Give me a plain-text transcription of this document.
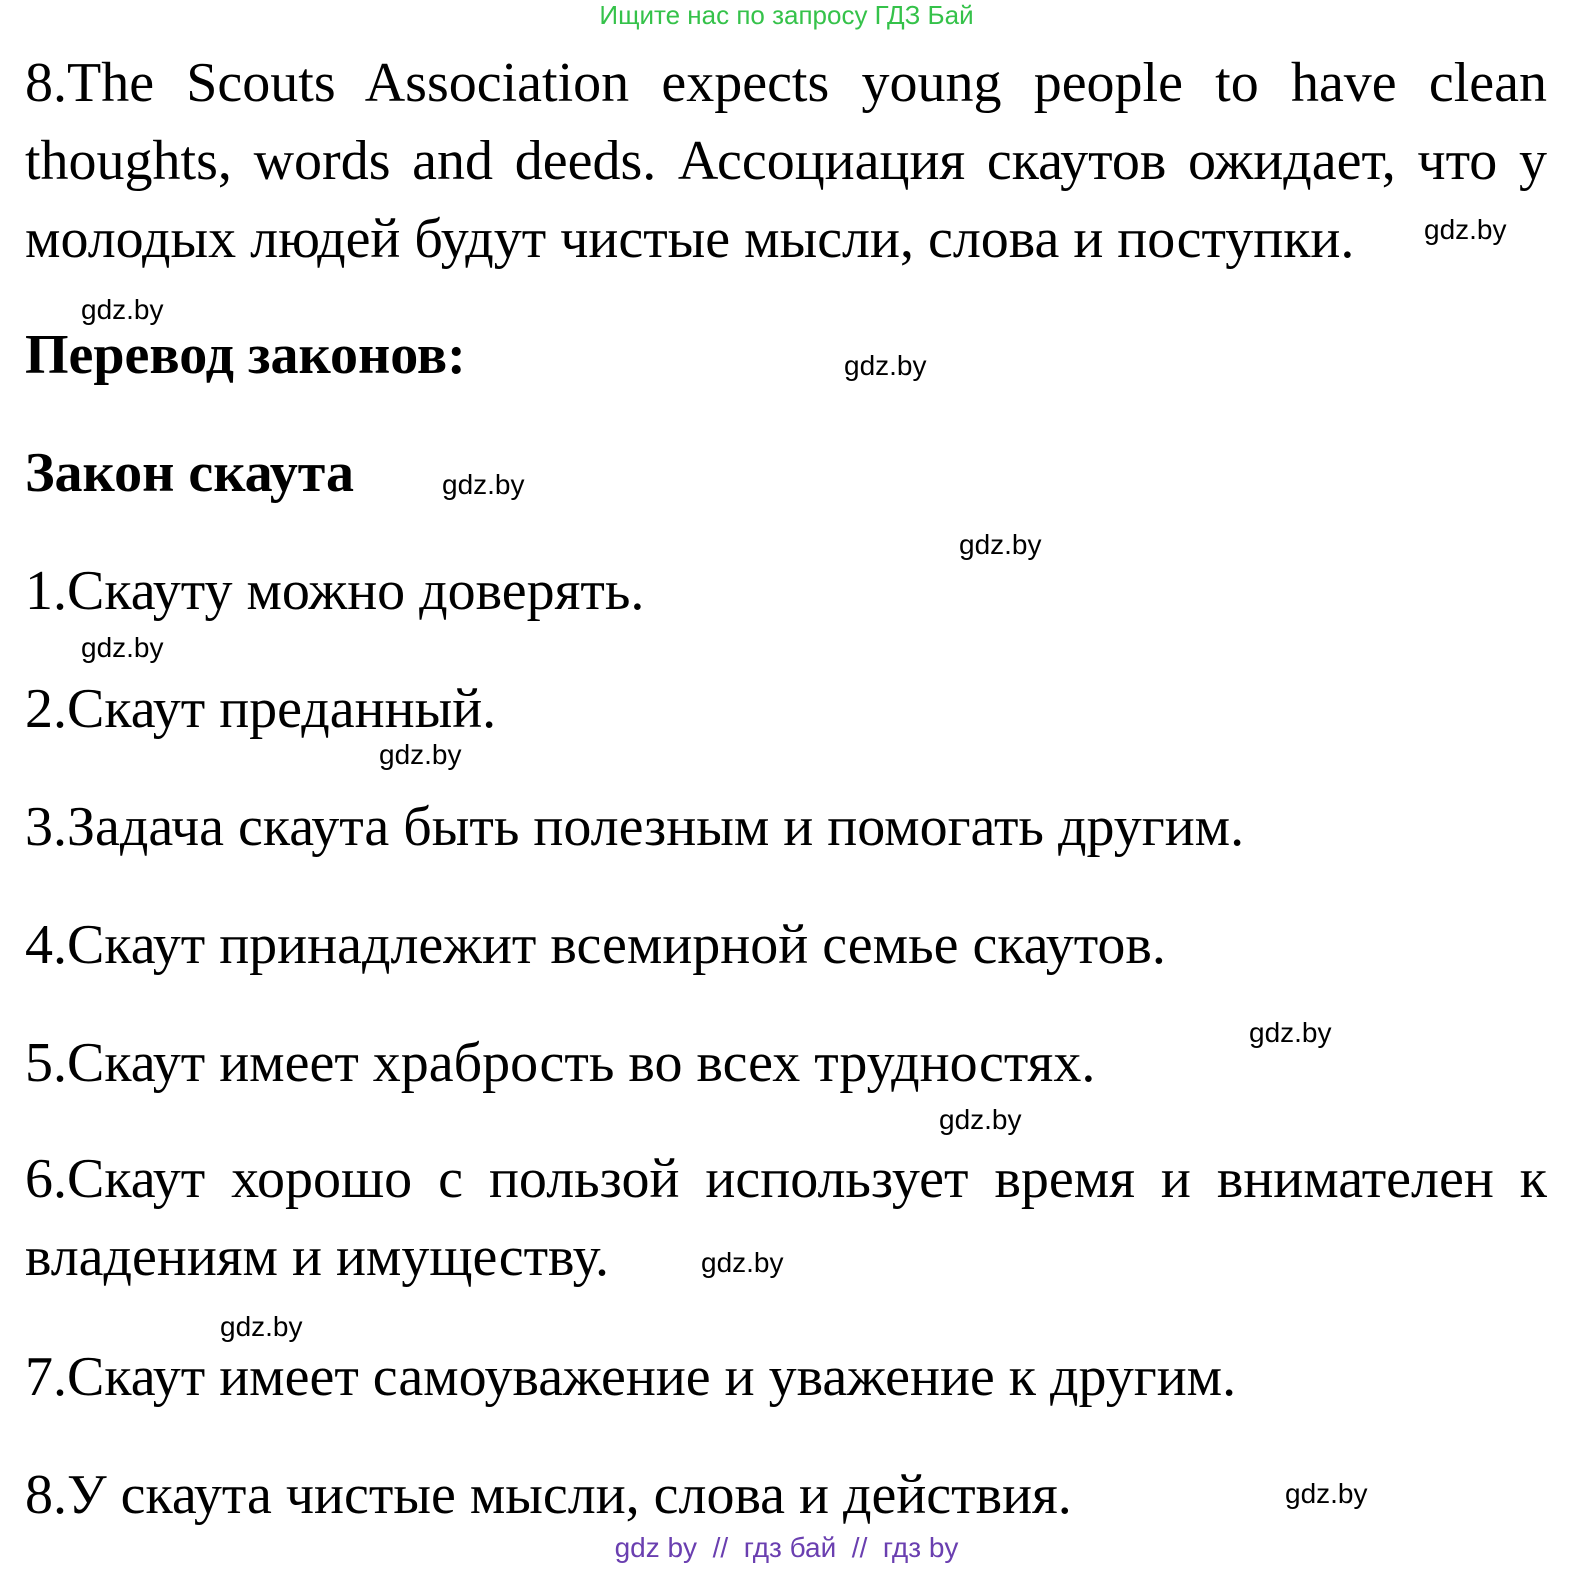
Ищите нас по запросу ГДЗ Бай

8.The Scouts Association expects young people to have clean thoughts, words and deeds. Ассоциация скаутов ожидает, что у молодых людей будут чистые мысли, слова и поступки.

Перевод законов:
Закон скаута
1.Скауту можно доверять.
2.Скаут преданный.
3.Задача скаута быть полезным и помогать другим.
4.Скаут принадлежит всемирной семье скаутов.
5.Скаут имеет храбрость во всех трудностях.

6.Скаут хорошо с пользой использует время и внимателен к владениям и имуществу.

7.Скаут имеет самоуважение и уважение к другим.
8.У скаута чистые мысли, слова и действия.
gdz.by
gdz.by
gdz.by
gdz.by
gdz.by
gdz.by
gdz.by
gdz.by
gdz.by
gdz.by
gdz.by
gdz.by
gdz by  //  гдз бай  //  гдз by
